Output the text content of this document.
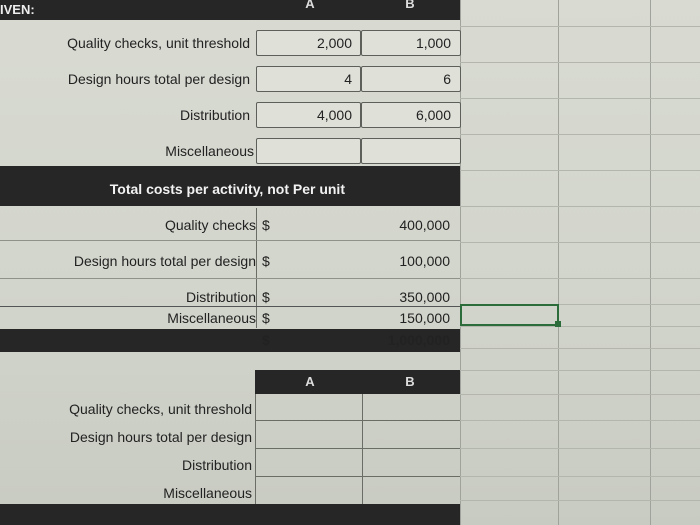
IVEN:	A	B
Quality checks, unit threshold	2,000	1,000
Design hours total per design	4	6
Distribution	4,000	6,000
Miscellaneous
Total costs per activity, not Per unit
Quality checks $	400,000
Design hours total per design $	100,000
Distribution $	350,000
Miscellaneous $	150,000
$	1,000,000
A	B
Quality checks, unit threshold
Design hours total per design
Distribution
Miscellaneous
